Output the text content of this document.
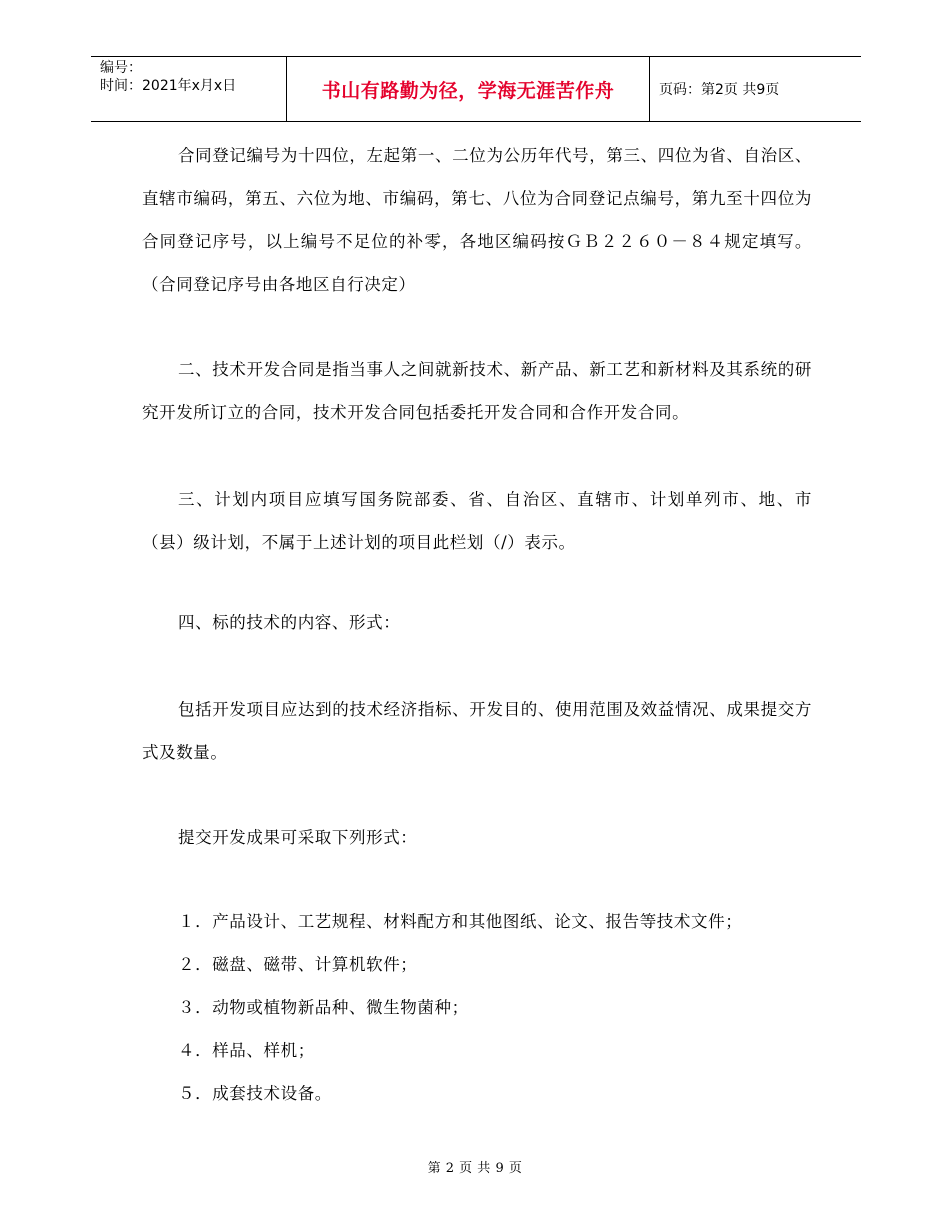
编号：
时间：2021年x月x日	书山有路勤为径，学海无涯苦作舟	页码：第2页 共9页

合同登记编号为十四位，左起第一、二位为公历年代号，第三、四位为省、自治区、直辖市编码，第五、六位为地、市编码，第七、八位为合同登记点编号，第九至十四位为合同登记序号，以上编号不足位的补零，各地区编码按ＧＢ２２６０－８４规定填写。（合同登记序号由各地区自行决定）

二、技术开发合同是指当事人之间就新技术、新产品、新工艺和新材料及其系统的研究开发所订立的合同，技术开发合同包括委托开发合同和合作开发合同。

三、计划内项目应填写国务院部委、省、自治区、直辖市、计划单列市、地、市（县）级计划，不属于上述计划的项目此栏划（/）表示。

四、标的技术的内容、形式：

包括开发项目应达到的技术经济指标、开发目的、使用范围及效益情况、成果提交方式及数量。

提交开发成果可采取下列形式：

１．产品设计、工艺规程、材料配方和其他图纸、论文、报告等技术文件；

２．磁盘、磁带、计算机软件；

３．动物或植物新品种、微生物菌种；

４．样品、样机；

５．成套技术设备。

第 2 页 共 9 页
